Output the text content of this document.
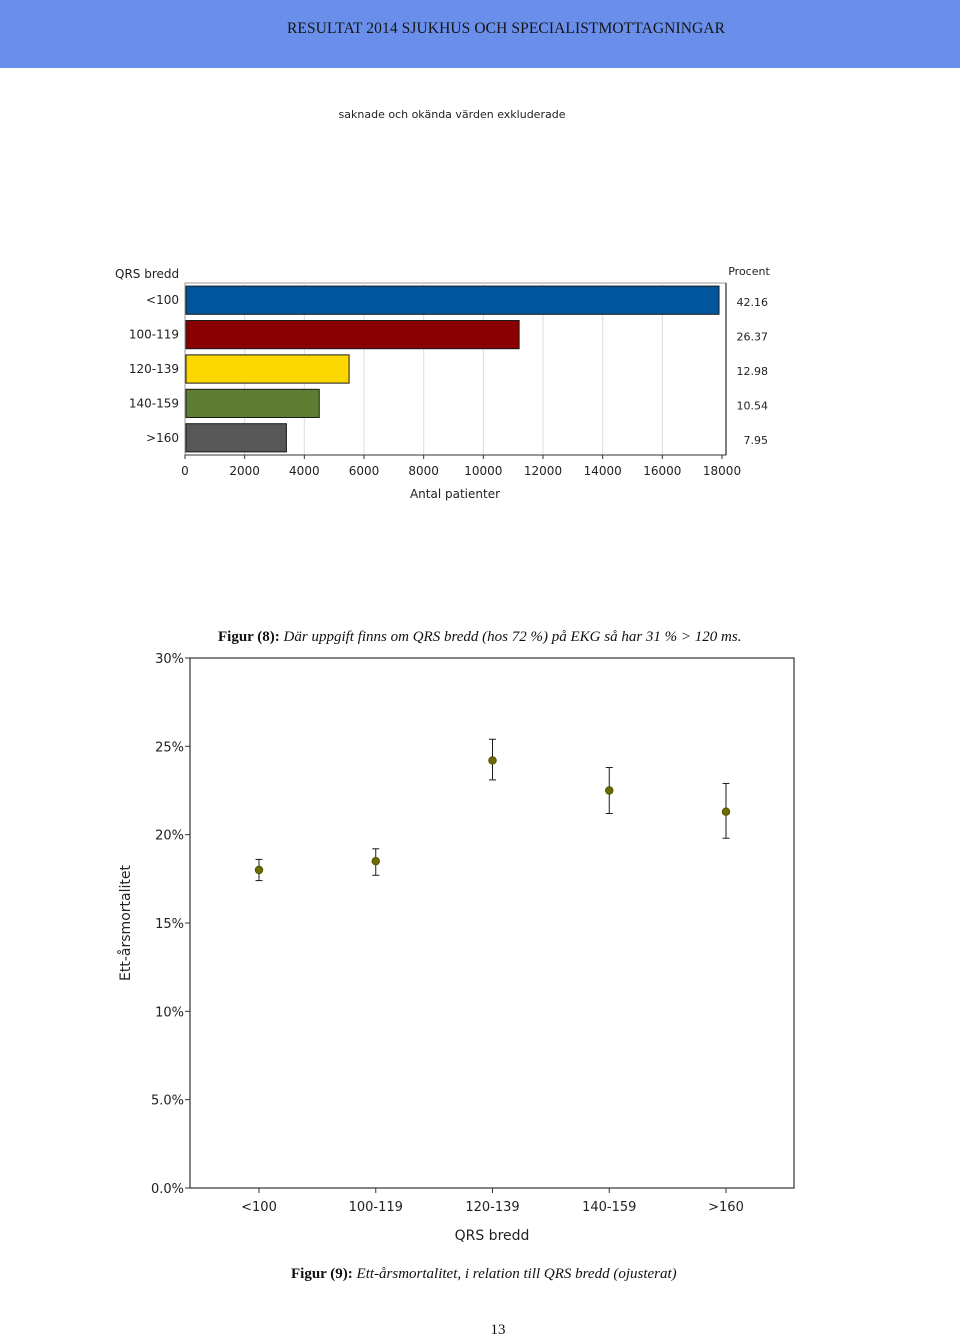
RESULTAT 2014 SJUKHUS OCH SPECIALISTMOTTAGNINGAR
saknade och okända värden exkluderade
QRS bredd	Procent
0	2000 4000 6000 8000 10000 12000 14000 16000 18000
Antal patienter
<100	42.16
100-119	26.37
120-139	12.98
140-159	10.54
>160	7.95
Figur (8): Där uppgift finns om QRS bredd (hos 72 %) på EKG så har 31 % > 120 ms.
0.0%
5.0%
10%
15%
20%
25%
30%
Ett-årsmortalitet
QRS bredd
<100	100-119	120-139	140-159	>160
Figur (9): Ett-årsmortalitet, i relation till QRS bredd (ojusterat)
13
